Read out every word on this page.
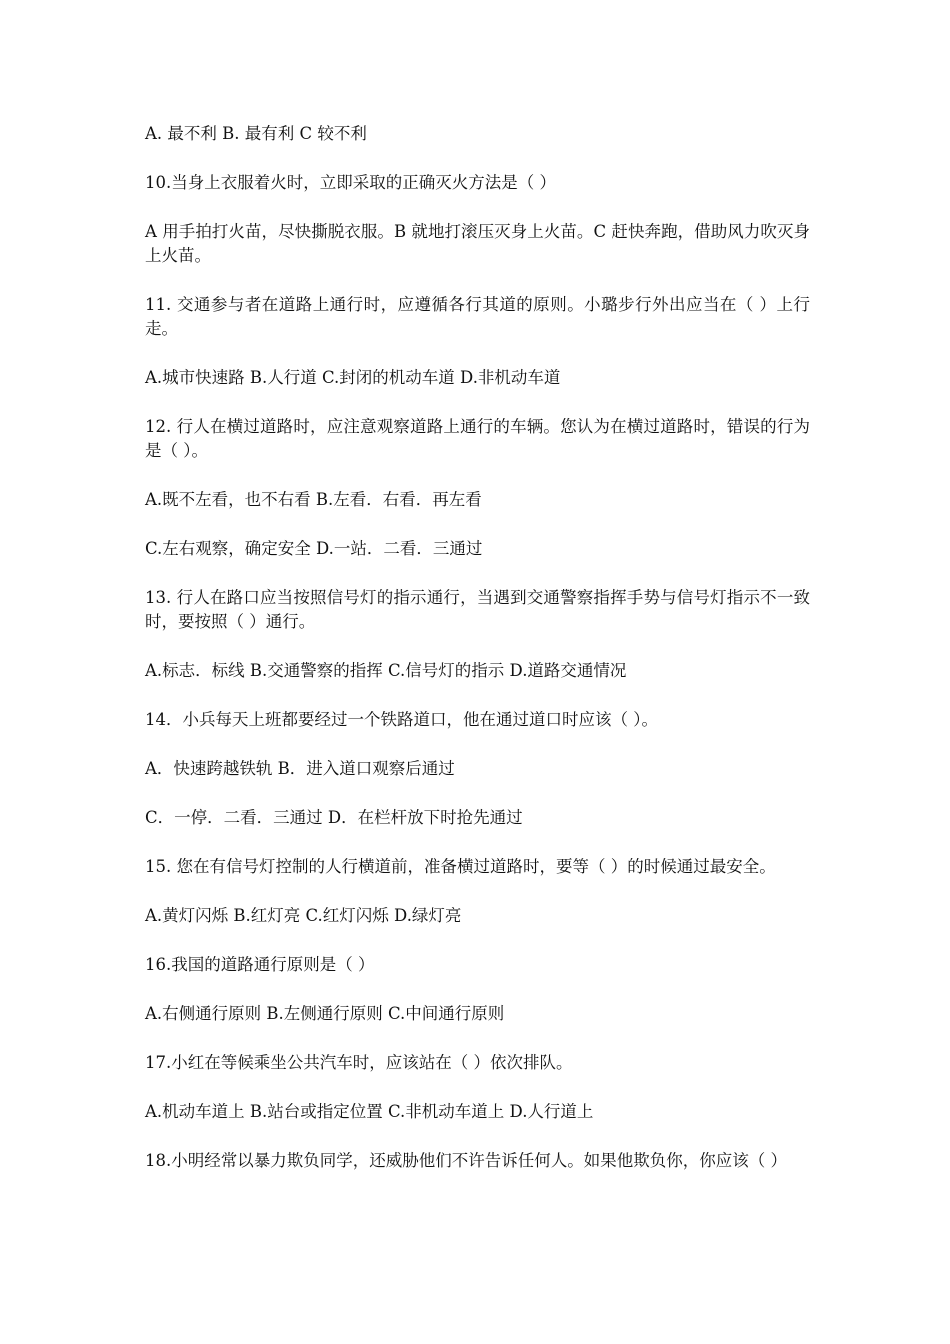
A. 最不利 B. 最有利 C 较不利

10.当身上衣服着火时，立即采取的正确灭火方法是（ ）

A 用手拍打火苗，尽快撕脱衣服。B 就地打滚压灭身上火苗。C 赶快奔跑，借助风力吹灭身上火苗。

11. 交通参与者在道路上通行时，应遵循各行其道的原则。小璐步行外出应当在（ ）上行走。

A.城市快速路 B.人行道 C.封闭的机动车道 D.非机动车道

12. 行人在横过道路时，应注意观察道路上通行的车辆。您认为在横过道路时，错误的行为是（ ）。

A.既不左看，也不右看 B.左看．右看．再左看

C.左右观察，确定安全 D.一站．二看．三通过

13. 行人在路口应当按照信号灯的指示通行，当遇到交通警察指挥手势与信号灯指示不一致时，要按照（ ）通行。

A.标志．标线 B.交通警察的指挥 C.信号灯的指示 D.道路交通情况

14．小兵每天上班都要经过一个铁路道口，他在通过道口时应该（ ）。

A．快速跨越铁轨 B．进入道口观察后通过

C．一停．二看．三通过 D．在栏杆放下时抢先通过

15. 您在有信号灯控制的人行横道前，准备横过道路时，要等（ ）的时候通过最安全。

A.黄灯闪烁 B.红灯亮 C.红灯闪烁 D.绿灯亮

16.我国的道路通行原则是（ ）

A.右侧通行原则 B.左侧通行原则 C.中间通行原则

17.小红在等候乘坐公共汽车时，应该站在（ ）依次排队。

A.机动车道上 B.站台或指定位置 C.非机动车道上 D.人行道上

18.小明经常以暴力欺负同学，还威胁他们不许告诉任何人。如果他欺负你，你应该（ ）
